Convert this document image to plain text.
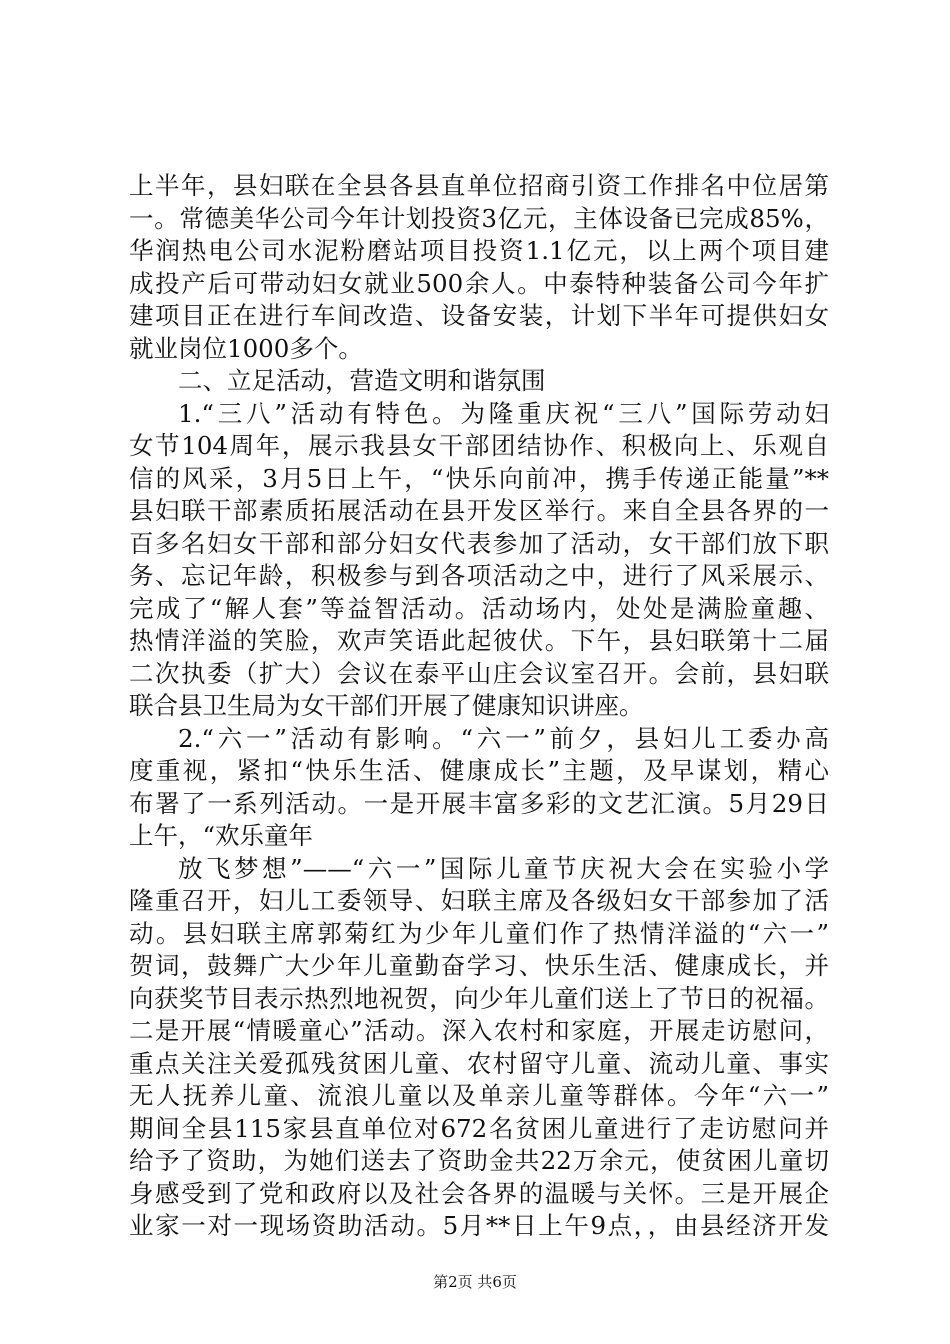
上半年，县妇联在全县各县直单位招商引资工作排名中位居第
一。常德美华公司今年计划投资3亿元，主体设备已完成85%，
华润热电公司水泥粉磨站项目投资1.1亿元，以上两个项目建
成投产后可带动妇女就业500余人。中泰特种装备公司今年扩
建项目正在进行车间改造、设备安装，计划下半年可提供妇女
就业岗位1000多个。
二、立足活动，营造文明和谐氛围
1.“三八”活动有特色。为隆重庆祝“三八”国际劳动妇
女节104周年，展示我县女干部团结协作、积极向上、乐观自
信的风采，3月5日上午，“快乐向前冲，携手传递正能量”**
县妇联干部素质拓展活动在县开发区举行。来自全县各界的一
百多名妇女干部和部分妇女代表参加了活动，女干部们放下职
务、忘记年龄，积极参与到各项活动之中，进行了风采展示、
完成了“解人套”等益智活动。活动场内，处处是满脸童趣、
热情洋溢的笑脸，欢声笑语此起彼伏。下午，县妇联第十二届
二次执委（扩大）会议在泰平山庄会议室召开。会前，县妇联
联合县卫生局为女干部们开展了健康知识讲座。
2.“六一”活动有影响。“六一”前夕，县妇儿工委办高
度重视，紧扣“快乐生活、健康成长”主题，及早谋划，精心
布署了一系列活动。一是开展丰富多彩的文艺汇演。5月29日
上午，“欢乐童年
放飞梦想”——“六一”国际儿童节庆祝大会在实验小学
隆重召开，妇儿工委领导、妇联主席及各级妇女干部参加了活
动。县妇联主席郭菊红为少年儿童们作了热情洋溢的“六一”
贺词，鼓舞广大少年儿童勤奋学习、快乐生活、健康成长，并
向获奖节目表示热烈地祝贺，向少年儿童们送上了节日的祝福。
二是开展“情暖童心”活动。深入农村和家庭，开展走访慰问，
重点关注关爱孤残贫困儿童、农村留守儿童、流动儿童、事实
无人抚养儿童、流浪儿童以及单亲儿童等群体。今年“六一”
期间全县115家县直单位对672名贫困儿童进行了走访慰问并
给予了资助，为她们送去了资助金共22万余元，使贫困儿童切
身感受到了党和政府以及社会各界的温暖与关怀。三是开展企
业家一对一现场资助活动。5月**日上午9点，，由县经济开发
第2页 共6页
